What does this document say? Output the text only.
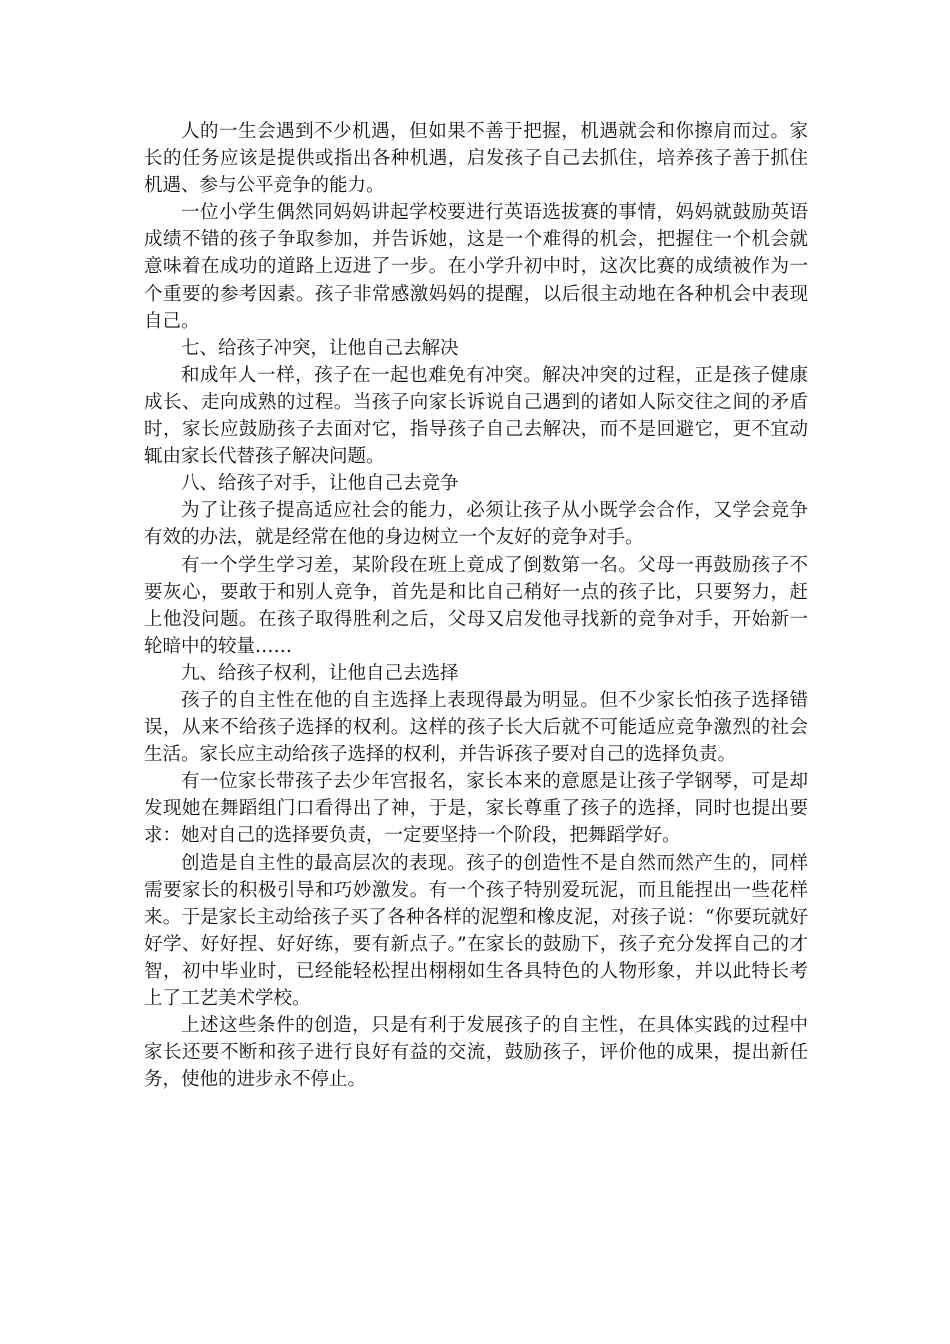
人的一生会遇到不少机遇，但如果不善于把握，机遇就会和你擦肩而过。家长的任务应该是提供或指出各种机遇，启发孩子自己去抓住，培养孩子善于抓住机遇、参与公平竞争的能力。

一位小学生偶然同妈妈讲起学校要进行英语选拔赛的事情，妈妈就鼓励英语成绩不错的孩子争取参加，并告诉她，这是一个难得的机会，把握住一个机会就意味着在成功的道路上迈进了一步。在小学升初中时，这次比赛的成绩被作为一个重要的参考因素。孩子非常感激妈妈的提醒，以后很主动地在各种机会中表现自己。

七、给孩子冲突，让他自己去解决

和成年人一样，孩子在一起也难免有冲突。解决冲突的过程，正是孩子健康成长、走向成熟的过程。当孩子向家长诉说自己遇到的诸如人际交往之间的矛盾时，家长应鼓励孩子去面对它，指导孩子自己去解决，而不是回避它，更不宜动辄由家长代替孩子解决问题。

八、给孩子对手，让他自己去竞争

为了让孩子提高适应社会的能力，必须让孩子从小既学会合作，又学会竞争有效的办法，就是经常在他的身边树立一个友好的竞争对手。

有一个学生学习差，某阶段在班上竟成了倒数第一名。父母一再鼓励孩子不要灰心，要敢于和别人竞争，首先是和比自己稍好一点的孩子比，只要努力，赶上他没问题。在孩子取得胜利之后，父母又启发他寻找新的竞争对手，开始新一轮暗中的较量……

九、给孩子权利，让他自己去选择

孩子的自主性在他的自主选择上表现得最为明显。但不少家长怕孩子选择错误，从来不给孩子选择的权利。这样的孩子长大后就不可能适应竞争激烈的社会生活。家长应主动给孩子选择的权利，并告诉孩子要对自己的选择负责。

有一位家长带孩子去少年宫报名，家长本来的意愿是让孩子学钢琴，可是却发现她在舞蹈组门口看得出了神，于是，家长尊重了孩子的选择，同时也提出要求：她对自己的选择要负责，一定要坚持一个阶段，把舞蹈学好。

创造是自主性的最高层次的表现。孩子的创造性不是自然而然产生的，同样需要家长的积极引导和巧妙激发。有一个孩子特别爱玩泥，而且能捏出一些花样来。于是家长主动给孩子买了各种各样的泥塑和橡皮泥，对孩子说：“你要玩就好好学、好好捏、好好练，要有新点子。”在家长的鼓励下，孩子充分发挥自己的才智，初中毕业时，已经能轻松捏出栩栩如生各具特色的人物形象，并以此特长考上了工艺美术学校。

上述这些条件的创造，只是有利于发展孩子的自主性，在具体实践的过程中家长还要不断和孩子进行良好有益的交流，鼓励孩子，评价他的成果，提出新任务，使他的进步永不停止。
